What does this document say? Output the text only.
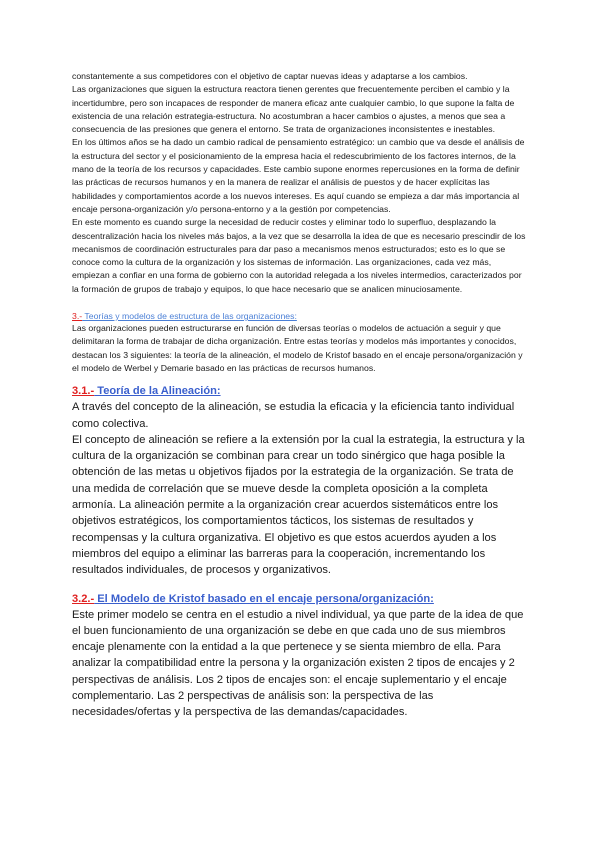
constantemente a sus competidores con el objetivo de captar nuevas ideas y adaptarse a los cambios.

Las organizaciones que siguen la estructura reactora tienen gerentes que frecuentemente perciben el cambio y la incertidumbre, pero son incapaces de responder de manera eficaz ante cualquier cambio, lo que supone la falta de existencia de una relación estrategia-estructura. No acostumbran a hacer cambios o ajustes, a menos que sea a consecuencia de las presiones que genera el entorno. Se trata de organizaciones inconsistentes e inestables.

En los últimos años se ha dado un cambio radical de pensamiento estratégico: un cambio que va desde el análisis de la estructura del sector y el posicionamiento de la empresa hacia el redescubrimiento de los factores internos, de la mano de la teoría de los recursos y capacidades. Este cambio supone enormes repercusiones en la forma de definir las prácticas de recursos humanos y en la manera de realizar el análisis de puestos y de hacer explícitas las habilidades y comportamientos acorde a los nuevos intereses. Es aquí cuando se empieza a dar más importancia al encaje persona-organización y/o persona-entorno y a la gestión por competencias.

En este momento es cuando surge la necesidad de reducir costes y eliminar todo lo superfluo, desplazando la descentralización hacia los niveles más bajos, a la vez que se desarrolla la idea de que es necesario prescindir de los mecanismos de coordinación estructurales para dar paso a mecanismos menos estructurados; esto es lo que se conoce como la cultura de la organización y los sistemas de información. Las organizaciones, cada vez más, empiezan a confiar en una forma de gobierno con la autoridad relegada a los niveles intermedios, caracterizados por la formación de grupos de trabajo y equipos, lo que hace necesario que se analicen minuciosamente.

3.- Teorías y modelos de estructura de las organizaciones:

Las organizaciones pueden estructurarse en función de diversas teorías o modelos de actuación a seguir y que delimitaran la forma de trabajar de dicha organización. Entre estas teorías y modelos más importantes y conocidos, destacan los 3 siguientes: la teoría de la alineación, el modelo de Kristof basado en el encaje persona/organización y el modelo de Werbel y Demarie basado en las prácticas de recursos humanos.

3.1.- Teoría de la Alineación:

A través del concepto de la alineación, se estudia la eficacia y la eficiencia tanto individual como colectiva.

El concepto de alineación se refiere a la extensión por la cual la estrategia, la estructura y la cultura de la organización se combinan para crear un todo sinérgico que haga posible la obtención de las metas u objetivos fijados por la estrategia de la organización. Se trata de una medida de correlación que se mueve desde la completa oposición a la completa armonía. La alineación permite a la organización crear acuerdos sistemáticos entre los objetivos estratégicos, los comportamientos tácticos, los sistemas de resultados y recompensas y la cultura organizativa. El objetivo es que estos acuerdos ayuden a los miembros del equipo a eliminar las barreras para la cooperación, incrementando los resultados individuales, de procesos y organizativos.

3.2.- El Modelo de Kristof basado en el encaje persona/organización:

Este primer modelo se centra en el estudio a nivel individual, ya que parte de la idea de que el buen funcionamiento de una organización se debe en que cada uno de sus miembros encaje plenamente con la entidad a la que pertenece y se sienta miembro de ella. Para analizar la compatibilidad entre la persona y la organización existen 2 tipos de encajes y 2 perspectivas de análisis. Los 2 tipos de encajes son: el encaje suplementario y el encaje complementario. Las 2 perspectivas de análisis son: la perspectiva de las necesidades/ofertas y la perspectiva de las demandas/capacidades.
